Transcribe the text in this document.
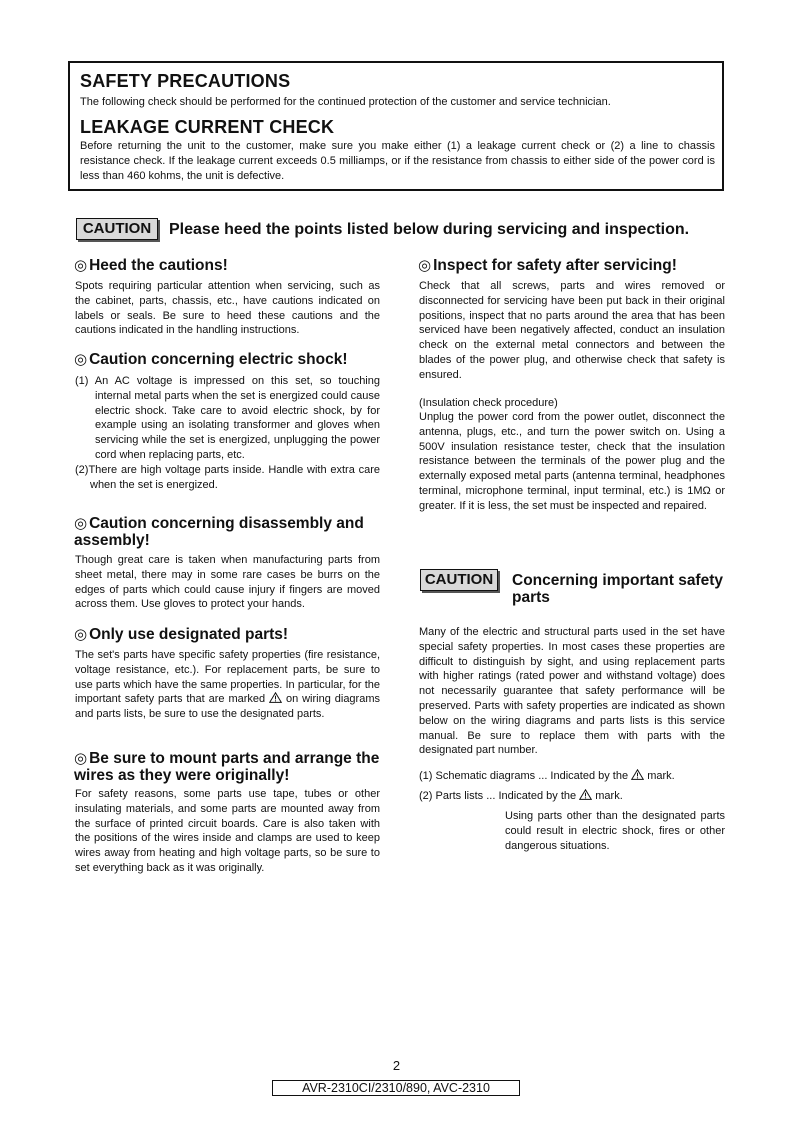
SAFETY PRECAUTIONS
The following check should be performed for the continued protection of the customer and service technician.
LEAKAGE CURRENT CHECK
Before returning the unit to the customer, make sure you make either (1) a leakage current check or (2) a line to chassis resistance check. If the leakage current exceeds 0.5 milliamps, or if the resistance from chassis to either side of the power cord is less than 460 kohms, the unit is defective.
CAUTION	Please heed the points listed below during servicing and inspection.
◎ Heed the cautions!
Spots requiring particular attention when servicing, such as the cabinet, parts, chassis, etc., have cautions indicated on labels or seals. Be sure to heed these cautions and the cautions indicated in the handling instructions.
◎ Caution concerning electric shock!
(1) An AC voltage is impressed on this set, so touching internal metal parts when the set is energized could cause electric shock. Take care to avoid electric shock, by for example using an isolating transformer and gloves when servicing while the set is energized, unplugging the power cord when replacing parts, etc.
(2)There are high voltage parts inside. Handle with extra care when the set is energized.
◎ Caution concerning disassembly and assembly!
Though great care is taken when manufacturing parts from sheet metal, there may in some rare cases be burrs on the edges of parts which could cause injury if fingers are moved across them. Use gloves to protect your hands.
◎ Only use designated parts!
The set's parts have specific safety properties (fire resistance, voltage resistance, etc.). For replacement parts, be sure to use parts which have the same properties. In particular, for the important safety parts that are marked on wiring diagrams and parts lists, be sure to use the designated parts.
◎ Be sure to mount parts and arrange the wires as they were originally!
For safety reasons, some parts use tape, tubes or other insulating materials, and some parts are mounted away from the surface of printed circuit boards. Care is also taken with the positions of the wires inside and clamps are used to keep wires away from heating and high voltage parts, so be sure to set everything back as it was originally.
◎ Inspect for safety after servicing!
Check that all screws, parts and wires removed or disconnected for servicing have been put back in their original positions, inspect that no parts around the area that has been serviced have been negatively affected, conduct an insulation check on the external metal connectors and between the blades of the power plug, and otherwise check that safety is ensured.
(Insulation check procedure)
Unplug the power cord from the power outlet, disconnect the antenna, plugs, etc., and turn the power switch on. Using a 500V insulation resistance tester, check that the insulation resistance between the terminals of the power plug and the externally exposed metal parts (antenna terminal, headphones terminal, microphone terminal, input terminal, etc.) is 1MΩ or greater. If it is less, the set must be inspected and repaired.
CAUTION	Concerning important safety parts
Many of the electric and structural parts used in the set have special safety properties. In most cases these properties are difficult to distinguish by sight, and using replacement parts with higher ratings (rated power and withstand voltage) does not necessarily guarantee that safety performance will be preserved. Parts with safety properties are indicated as shown below on the wiring diagrams and parts lists is this service manual. Be sure to replace them with parts with the designated part number.
(1) Schematic diagrams ... Indicated by the mark.
(2) Parts lists ... Indicated by the mark.
Using parts other than the designated parts could result in electric shock, fires or other dangerous situations.
2
AVR-2310CI/2310/890, AVC-2310
